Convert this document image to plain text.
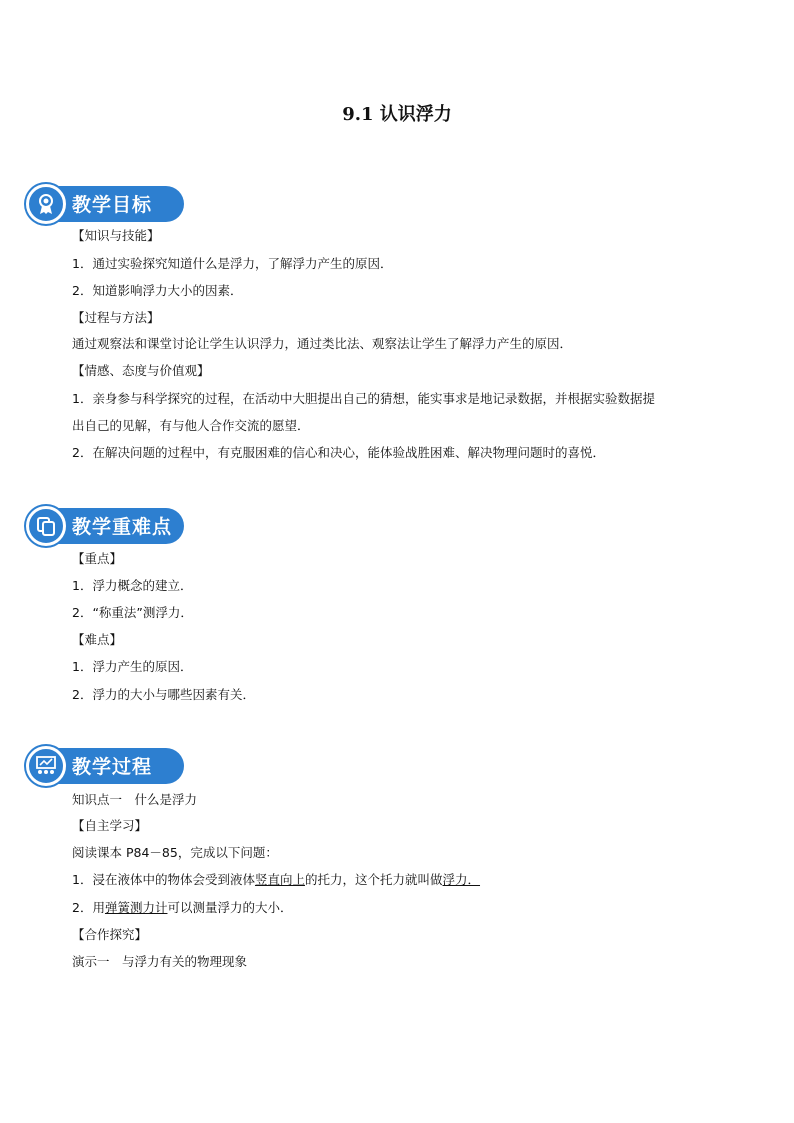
9.1 认识浮力
教学目标
【知识与技能】
1．通过实验探究知道什么是浮力，了解浮力产生的原因．
2．知道影响浮力大小的因素．
【过程与方法】
通过观察法和课堂讨论让学生认识浮力，通过类比法、观察法让学生了解浮力产生的原因．
【情感、态度与价值观】
1．亲身参与科学探究的过程，在活动中大胆提出自己的猜想，能实事求是地记录数据，并根据实验数据提
出自己的见解，有与他人合作交流的愿望．
2．在解决问题的过程中，有克服困难的信心和决心，能体验战胜困难、解决物理问题时的喜悦．
教学重难点
【重点】
1．浮力概念的建立．
2．“称重法”测浮力．
【难点】
1．浮力产生的原因．
2．浮力的大小与哪些因素有关．
教学过程
知识点一　什么是浮力
【自主学习】
阅读课本 P84－85，完成以下问题：
1．浸在液体中的物体会受到液体竖直向上的托力，这个托力就叫做浮力．
2．用弹簧测力计可以测量浮力的大小．
【合作探究】
演示一　与浮力有关的物理现象
